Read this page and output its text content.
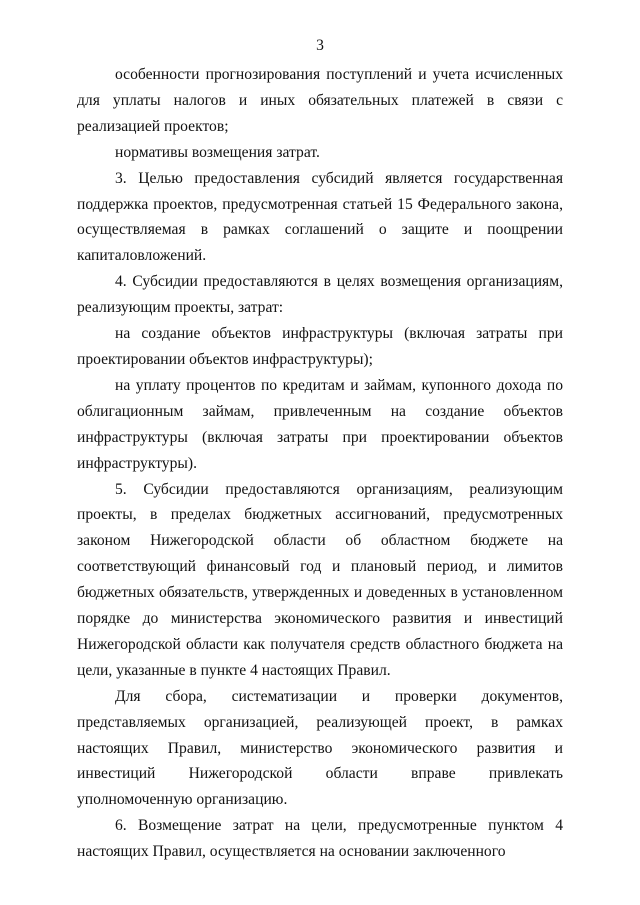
3

особенности прогнозирования поступлений и учета исчисленных для уплаты налогов и иных обязательных платежей в связи с реализацией проектов;

нормативы возмещения затрат.

3. Целью предоставления субсидий является государственная поддержка проектов, предусмотренная статьей 15 Федерального закона, осуществляемая в рамках соглашений о защите и поощрении капиталовложений.

4. Субсидии предоставляются в целях возмещения организациям, реализующим проекты, затрат:

на создание объектов инфраструктуры (включая затраты при проектировании объектов инфраструктуры);

на уплату процентов по кредитам и займам, купонного дохода по облигационным займам, привлеченным на создание объектов инфраструктуры (включая затраты при проектировании объектов инфраструктуры).

5. Субсидии предоставляются организациям, реализующим проекты, в пределах бюджетных ассигнований, предусмотренных законом Нижегородской области об областном бюджете на соответствующий финансовый год и плановый период, и лимитов бюджетных обязательств, утвержденных и доведенных в установленном порядке до министерства экономического развития и инвестиций Нижегородской области как получателя средств областного бюджета на цели, указанные в пункте 4 настоящих Правил.

Для сбора, систематизации и проверки документов, представляемых организацией, реализующей проект, в рамках настоящих Правил, министерство экономического развития и инвестиций Нижегородской области вправе привлекать уполномоченную организацию.

6. Возмещение затрат на цели, предусмотренные пунктом 4 настоящих Правил, осуществляется на основании заключенного
